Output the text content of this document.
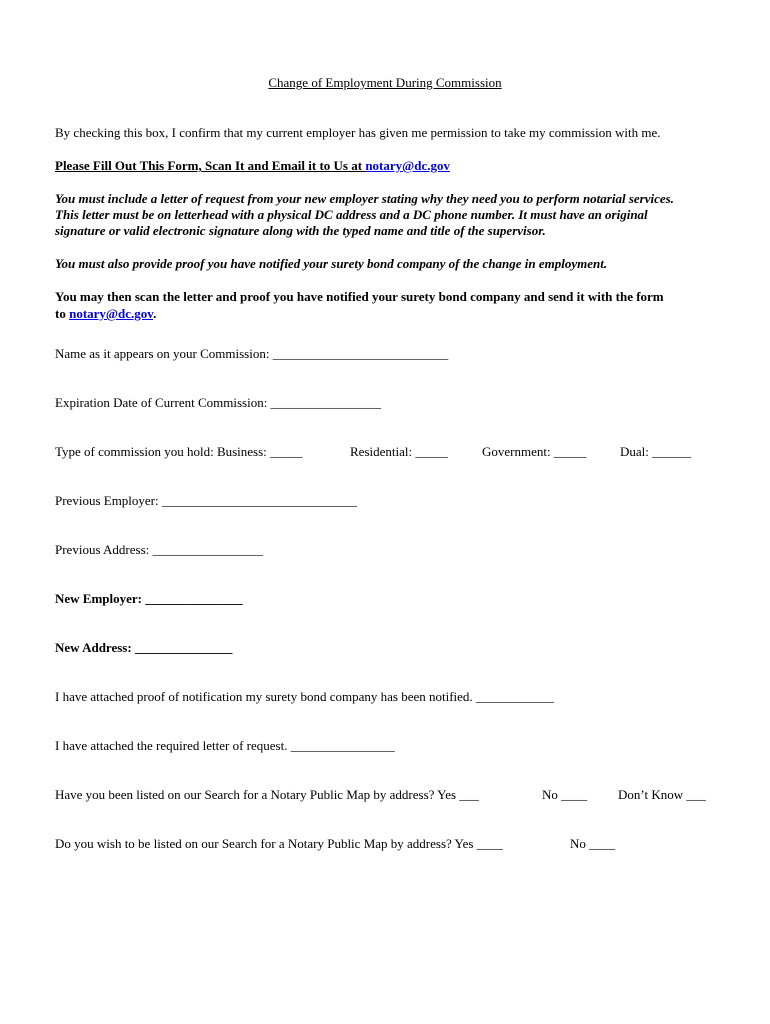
Change of Employment During Commission
By checking this box, I confirm that my current employer has given me permission to take my commission with me.
Please Fill Out This Form, Scan It and Email it to Us at notary@dc.gov
You must include a letter of request from your new employer stating why they need you to perform notarial services.
This letter must be on letterhead with a physical DC address and a DC phone number. It must have an original
signature or valid electronic signature along with the typed name and title of the supervisor.
You must also provide proof you have notified your surety bond company of the change in employment.
You may then scan the letter and proof you have notified your surety bond company and send it with the form
to notary@dc.gov.
Name as it appears on your Commission: ___________________________
Expiration Date of Current Commission: _________________
Type of commission you hold: Business: _____	Residential: _____	Government: _____	Dual: ______
Previous Employer: ______________________________
Previous Address: _________________
New Employer: _______________
New Address: _______________
I have attached proof of notification my surety bond company has been notified. ____________
I have attached the required letter of request. ________________
Have you been listed on our Search for a Notary Public Map by address? Yes ___	No ____ Don’t Know ___
Do you wish to be listed on our Search for a Notary Public Map by address? Yes ____	No ____
